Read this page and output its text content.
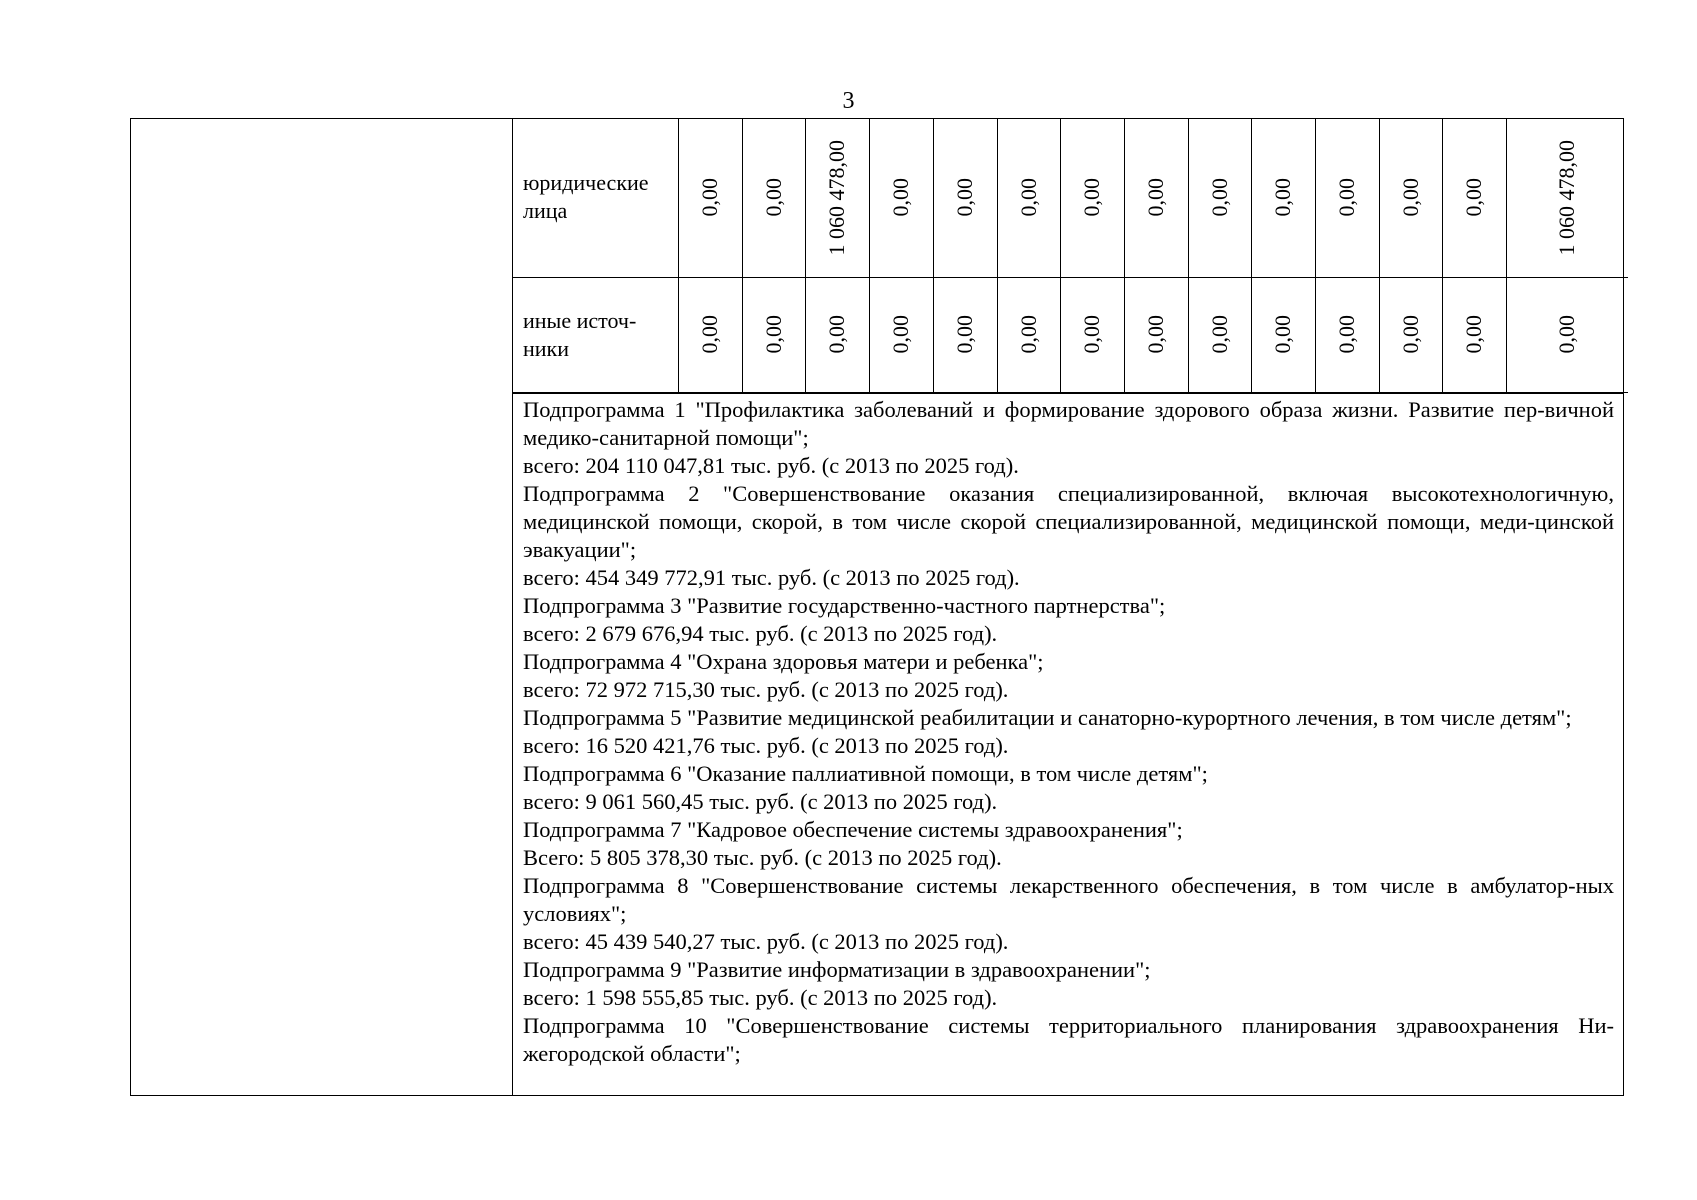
3
юридические лица	0,00	0,00	1 060 478,00	0,00	0,00	0,00	0,00	0,00	0,00	0,00	0,00	0,00	0,00	1 060 478,00

иные источ-ники	0,00	0,00	0,00	0,00	0,00	0,00	0,00	0,00	0,00	0,00	0,00	0,00	0,00	0,00

Подпрограмма 1 "Профилактика заболеваний и формирование здорового образа жизни. Развитие пер-вичной медико-санитарной помощи";

всего: 204 110 047,81 тыс. руб. (с 2013 по 2025 год).

Подпрограмма 2 "Совершенствование оказания специализированной, включая высокотехнологичную, медицинской помощи, скорой, в том числе скорой специализированной, медицинской помощи, меди-цинской эвакуации";

всего: 454 349 772,91 тыс. руб. (с 2013 по 2025 год).

Подпрограмма 3 "Развитие государственно-частного партнерства";

всего: 2 679 676,94 тыс. руб. (с 2013 по 2025 год).

Подпрограмма 4 "Охрана здоровья матери и ребенка";

всего: 72 972 715,30 тыс. руб. (с 2013 по 2025 год).

Подпрограмма 5 "Развитие медицинской реабилитации и санаторно-курортного лечения, в том числе детям";

всего: 16 520 421,76 тыс. руб. (с 2013 по 2025 год).

Подпрограмма 6 "Оказание паллиативной помощи, в том числе детям";

всего: 9 061 560,45 тыс. руб. (с 2013 по 2025 год).

Подпрограмма 7 "Кадровое обеспечение системы здравоохранения";

Всего: 5 805 378,30 тыс. руб. (с 2013 по 2025 год).

Подпрограмма 8 "Совершенствование системы лекарственного обеспечения, в том числе в амбулатор-ных условиях";

всего: 45 439 540,27 тыс. руб. (с 2013 по 2025 год).

Подпрограмма 9 "Развитие информатизации в здравоохранении";

всего: 1 598 555,85 тыс. руб. (с 2013 по 2025 год).

Подпрограмма 10 "Совершенствование системы территориального планирования здравоохранения Ни-жегородской области";
